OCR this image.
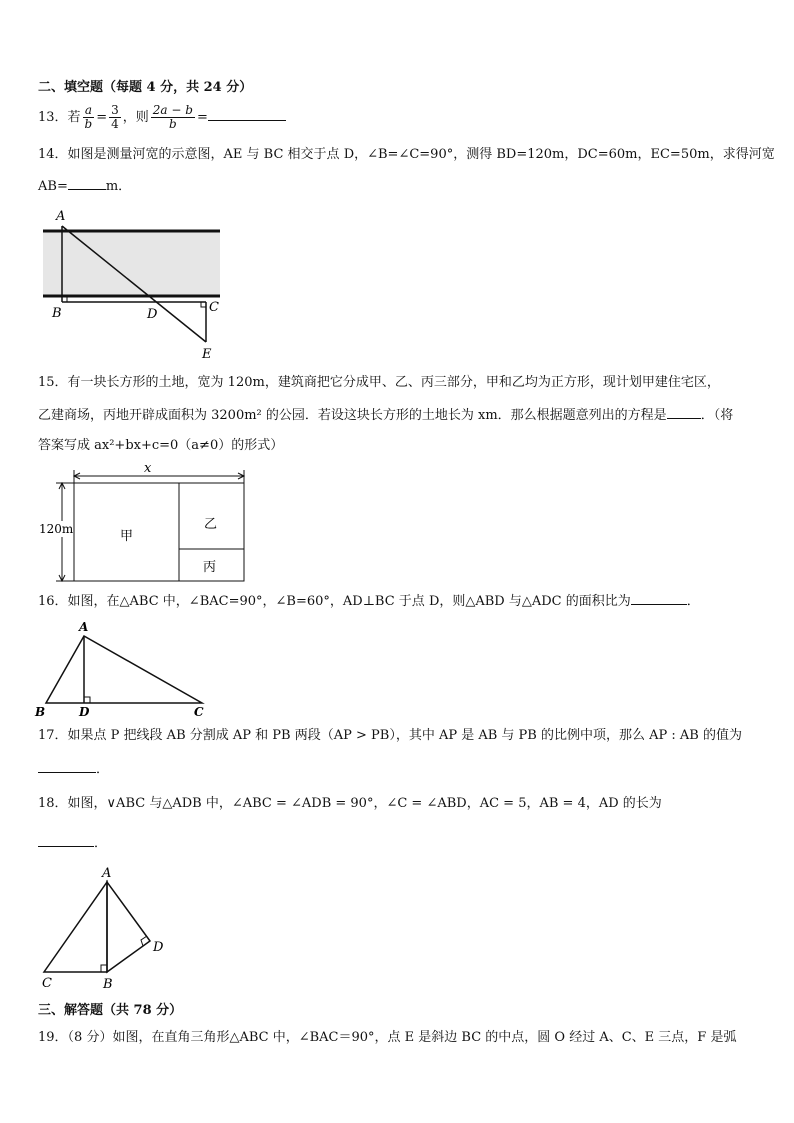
二、填空题（每题 4 分，共 24 分）
13．若 $\frac{a}{b} = \frac{3}{4}$ ，则 $\frac{2a - b}{b}$ =
14．如图是测量河宽的示意图，AE 与 BC 相交于点 D，∠B=∠C=90°，测得 BD=120m，DC=60m，EC=50m，求得河宽
AB=	m．
A
B	D	C
E
15．有一块长方形的土地，宽为 120m，建筑商把它分成甲、乙、丙三部分，甲和乙均为正方形，现计划甲建住宅区，
乙建商场，丙地开辟成面积为 3200m² 的公园．若设这块长方形的土地长为 xm．那么根据题意列出的方程是	．（将
答案写成 ax²+bx+c=0（a≠0）的形式）
x
120m	甲
乙
丙
16．如图，在△ABC 中，∠BAC=90°，∠B=60°，AD⊥BC 于点 D，则△ABD 与△ADC 的面积比为	．
A
B	D	C
17．如果点 P 把线段 AB 分割成 AP 和 PB 两段（AP > PB），其中 AP 是 AB 与 PB 的比例中项，那么 AP : AB 的值为
．
18．如图，∨ABC 与△ADB 中，∠ABC = ∠ADB = 90°，∠C = ∠ABD，AC = 5，AB = 4，AD 的长为
．
A
C	B
D
三、解答题（共 78 分）
19．（8 分）如图，在直角三角形△ABC 中，∠BAC＝90°，点 E 是斜边 BC 的中点，圆 O 经过 A、C、E 三点，F 是弧
